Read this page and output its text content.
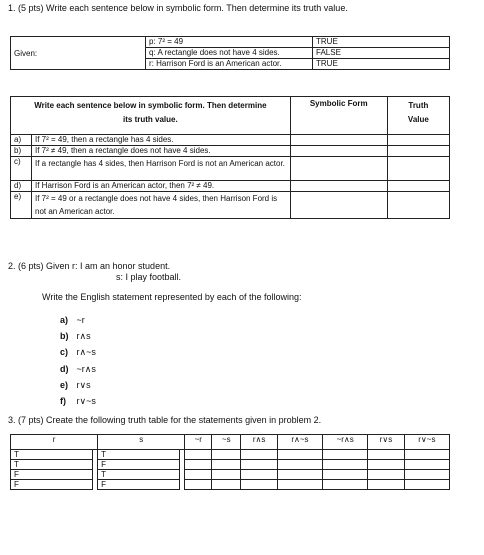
1. (5 pts) Write each sentence below in symbolic form. Then determine its truth value.
Given:	p: 7² = 49	TRUE
	q: A rectangle does not have 4 sides.	FALSE
	r: Harrison Ford is an American actor.	TRUE
Write each sentence below in symbolic form. Then determine its truth value.		Symbolic Form	Truth Value
a)	If 7² = 49, then a rectangle has 4 sides.		
b)	If 7² ≠ 49, then a rectangle does not have 4 sides.		
c)	If a rectangle has 4 sides, then Harrison Ford is not an American actor.		
d)	If Harrison Ford is an American actor, then 7² ≠ 49.		
e)	If 7² = 49 or a rectangle does not have 4 sides, then Harrison Ford is not an American actor.		
2. (6 pts) Given r: I am an honor student.
s: I play football.
Write the English statement represented by each of the following:
a) ~r
b) r∧s
c) r∧~s
d) ~r∧s
e) r∨s
f) r∨~s
3. (7 pts) Create the following truth table for the statements given in problem 2.
r		s		~r	~s	r∧s	r∧~s	~r∧s	r∨s	r∨~s
T		T								
T		F								
F		T								
F		F								
